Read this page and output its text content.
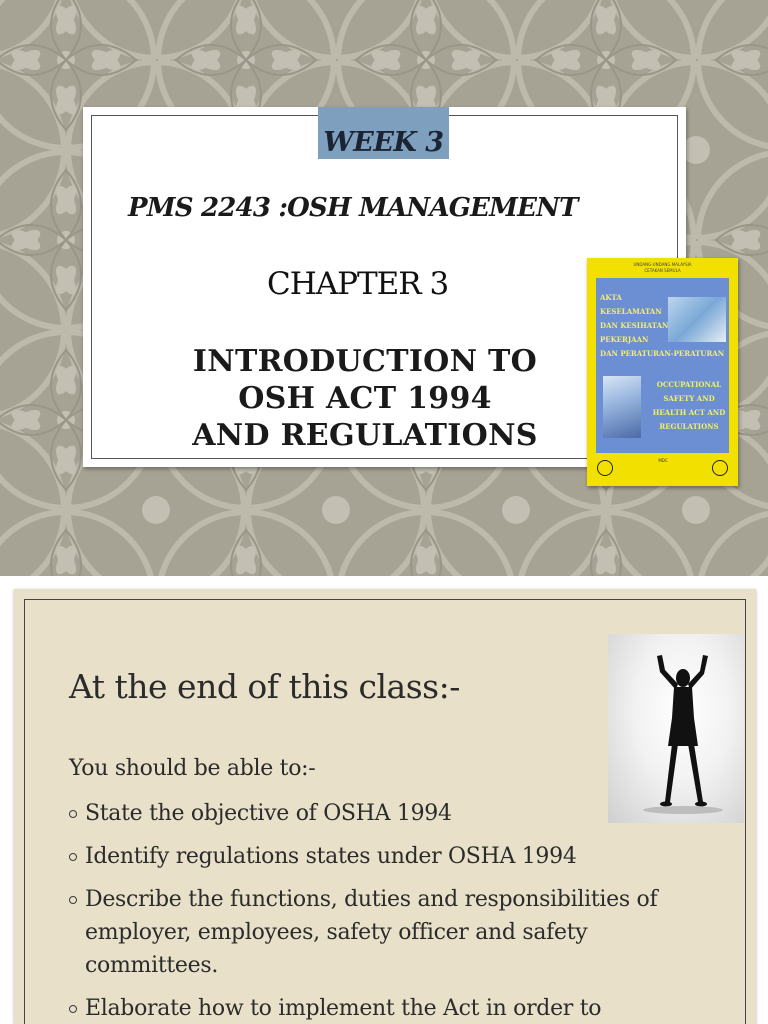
WEEK 3
PMS 2243 :OSH MANAGEMENT
CHAPTER 3
INTRODUCTION TO
OSH ACT 1994
AND REGULATIONS
UNDANG-UNDANG MALAYSIA
CETAKAN SEMULA
AKTA
KESELAMATAN
DAN KESIHATAN
PEKERJAAN
DAN PERATURAN-PERATURAN
OCCUPATIONAL
SAFETY AND
HEALTH ACT AND
REGULATIONS
MDC
At the end of this class:-
You should be able to:-
State the objective of OSHA 1994
Identify regulations states under OSHA 1994
Describe the functions, duties and responsibilities of employer, employees, safety officer and safety committees.
Elaborate how to implement the Act in order to
